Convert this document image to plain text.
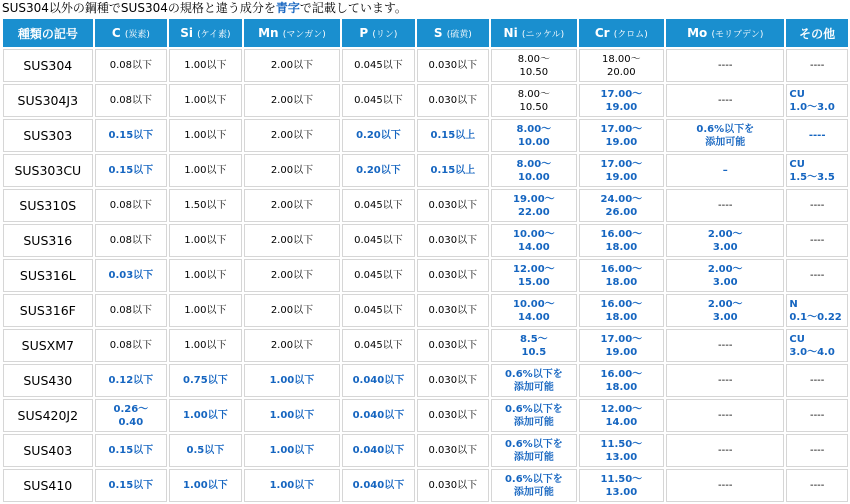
SUS304以外の鋼種でSUS304の規格と違う成分を青字で記載しています。
種類の記号	C (炭素)	Si (ケイ素)	Mn (マンガン)	P (リン)	S (硫黄)	Ni (ニッケル)	Cr (クロム)	Mo (モリブデン)	その他
SUS304	0.08以下	1.00以下	2.00以下	0.045以下	0.030以下	8.00～
10.50	18.00～
20.00	----	----
SUS304J3	0.08以下	1.00以下	2.00以下	0.045以下	0.030以下	8.00～
10.50	17.00～
19.00	----	CU
1.0～3.0
SUS303	0.15以下	1.00以下	2.00以下	0.20以下	0.15以上	8.00～
10.00	17.00～
19.00	0.6%以下を
添加可能	----
SUS303CU	0.15以下	1.00以下	2.00以下	0.20以下	0.15以上	8.00～
10.00	17.00～
19.00	–	CU
1.5～3.5
SUS310S	0.08以下	1.50以下	2.00以下	0.045以下	0.030以下	19.00～
22.00	24.00～
26.00	----	----
SUS316	0.08以下	1.00以下	2.00以下	0.045以下	0.030以下	10.00～
14.00	16.00～
18.00	2.00～
3.00	----
SUS316L	0.03以下	1.00以下	2.00以下	0.045以下	0.030以下	12.00～
15.00	16.00～
18.00	2.00～
3.00	----
SUS316F	0.08以下	1.00以下	2.00以下	0.045以下	0.030以下	10.00～
14.00	16.00～
18.00	2.00～
3.00	N
0.1～0.22
SUSXM7	0.08以下	1.00以下	2.00以下	0.045以下	0.030以下	8.5～
10.5	17.00～
19.00	----	CU
3.0～4.0
SUS430	0.12以下	0.75以下	1.00以下	0.040以下	0.030以下	0.6%以下を
添加可能	16.00～
18.00	----	----
SUS420J2	0.26～
0.40	1.00以下	1.00以下	0.040以下	0.030以下	0.6%以下を
添加可能	12.00～
14.00	----	----
SUS403	0.15以下	0.5以下	1.00以下	0.040以下	0.030以下	0.6%以下を
添加可能	11.50～
13.00	----	----
SUS410	0.15以下	1.00以下	1.00以下	0.040以下	0.030以下	0.6%以下を
添加可能	11.50～
13.00	----	----
